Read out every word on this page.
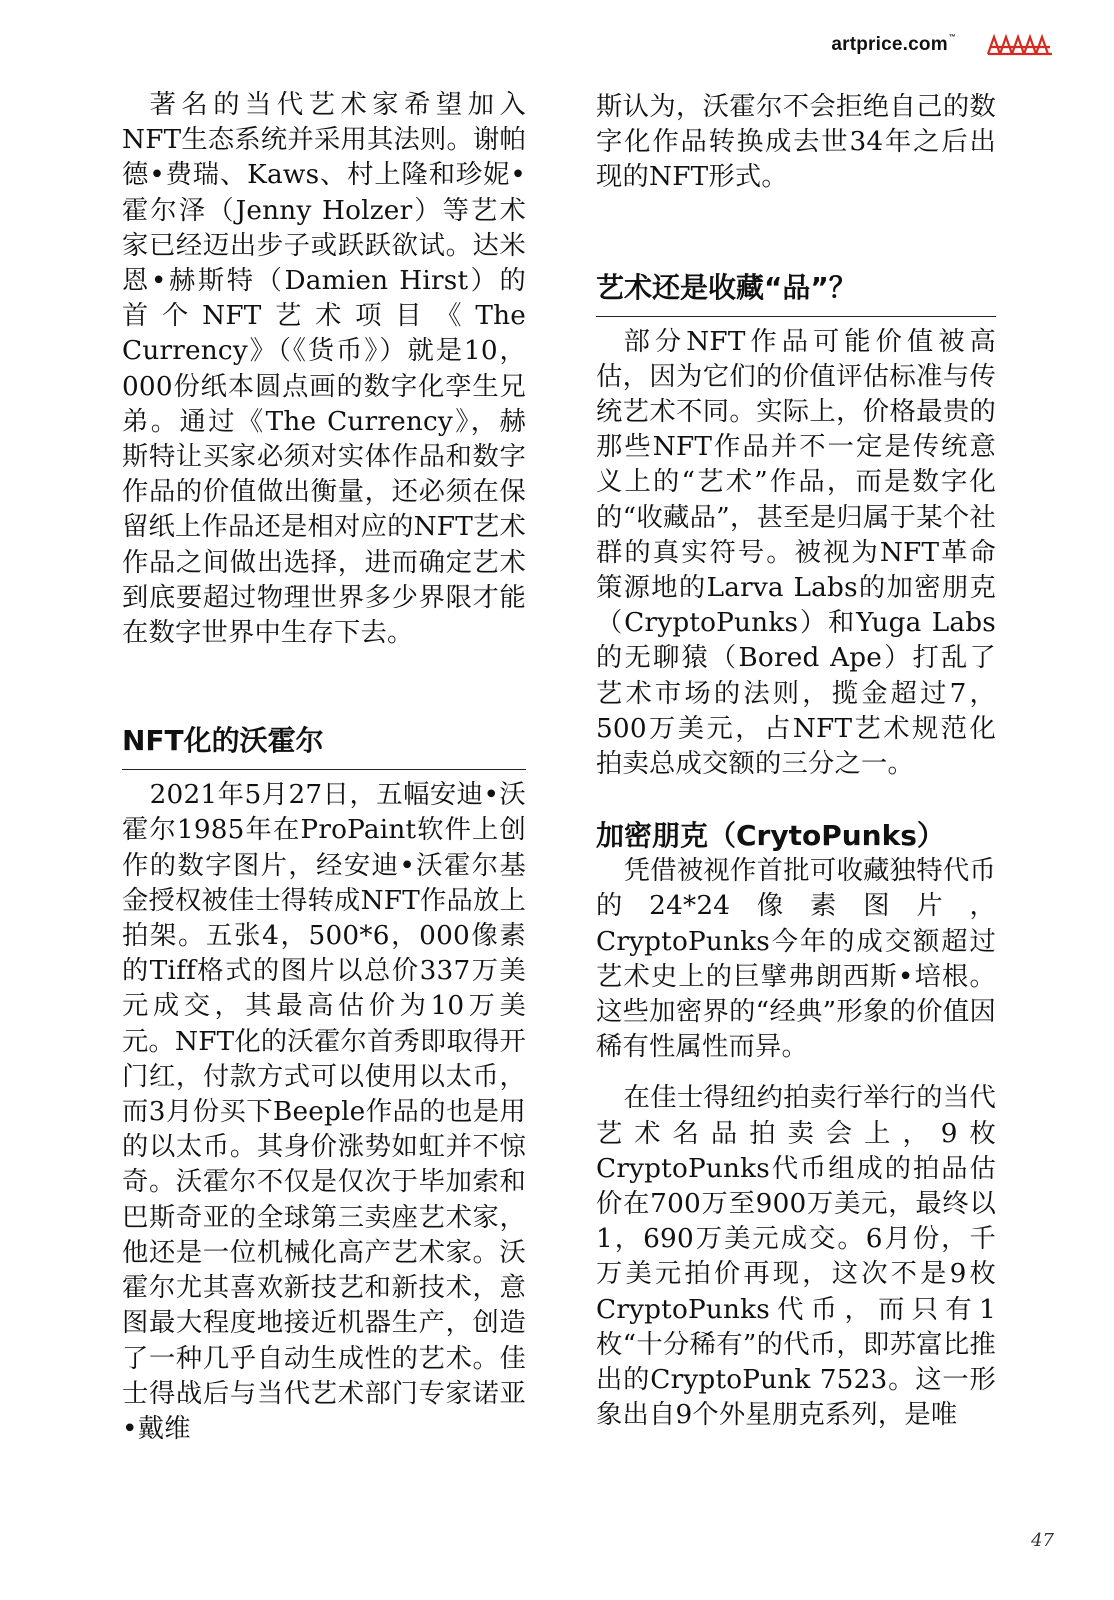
artprice.com™

著名的当代艺术家希望加入NFT生态系统并采用其法则。谢帕德•费瑞、Kaws、村上隆和珍妮•霍尔泽（Jenny Holzer）等艺术家已经迈出步子或跃跃欲试。达米恩•赫斯特（Damien Hirst）的首个NFT艺术项目《The Currency》（《货币》）就是10，000份纸本圆点画的数字化孪生兄弟。通过《The Currency》，赫斯特让买家必须对实体作品和数字作品的价值做出衡量，还必须在保留纸上作品还是相对应的NFT艺术作品之间做出选择，进而确定艺术到底要超过物理世界多少界限才能在数字世界中生存下去。

NFT化的沃霍尔

2021年5月27日，五幅安迪•沃霍尔1985年在ProPaint软件上创作的数字图片，经安迪•沃霍尔基金授权被佳士得转成NFT作品放上拍架。五张4，500*6，000像素的Tiff格式的图片以总价337万美元成交，其最高估价为10万美元。NFT化的沃霍尔首秀即取得开门红，付款方式可以使用以太币，而3月份买下Beeple作品的也是用的以太币。其身价涨势如虹并不惊奇。沃霍尔不仅是仅次于毕加索和巴斯奇亚的全球第三卖座艺术家，他还是一位机械化高产艺术家。沃霍尔尤其喜欢新技艺和新技术，意图最大程度地接近机器生产，创造了一种几乎自动生成性的艺术。佳士得战后与当代艺术部门专家诺亚•戴维

斯认为，沃霍尔不会拒绝自己的数字化作品转换成去世34年之后出现的NFT形式。

艺术还是收藏“品”？

部分NFT作品可能价值被高估，因为它们的价值评估标准与传统艺术不同。实际上，价格最贵的那些NFT作品并不一定是传统意义上的“艺术”作品，而是数字化的“收藏品”，甚至是归属于某个社群的真实符号。被视为NFT革命策源地的Larva Labs的加密朋克（CryptoPunks）和Yuga Labs的无聊猿（Bored Ape）打乱了艺术市场的法则，揽金超过7，500万美元，占NFT艺术规范化拍卖总成交额的三分之一。

加密朋克（CrytoPunks）

凭借被视作首批可收藏独特代币的24*24像素图片，CryptoPunks今年的成交额超过艺术史上的巨擘弗朗西斯•培根。这些加密界的“经典”形象的价值因稀有性属性而异。

在佳士得纽约拍卖行举行的当代艺术名品拍卖会上，9枚CryptoPunks代币组成的拍品估价在700万至900万美元，最终以1，690万美元成交。6月份，千万美元拍价再现，这次不是9枚CryptoPunks代币，而只有1枚“十分稀有”的代币，即苏富比推出的CryptoPunk 7523。这一形象出自9个外星朋克系列，是唯

47
